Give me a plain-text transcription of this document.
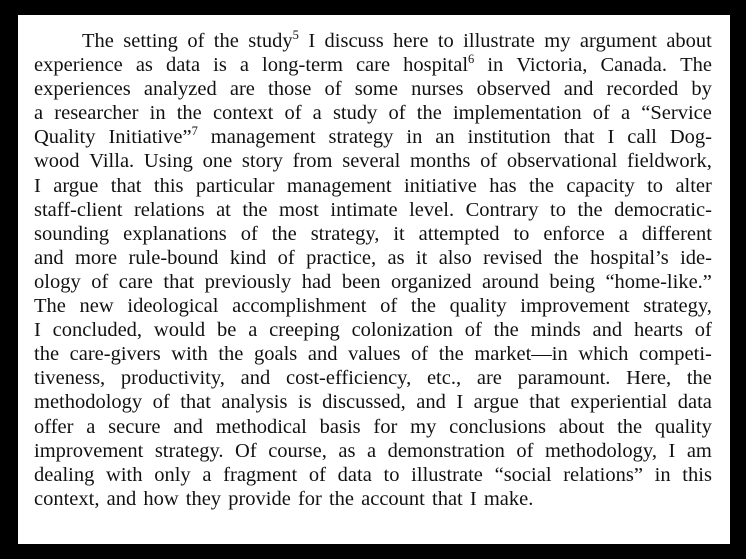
The setting of the study$^5$ I discuss here to illustrate my argument about
experience as data is a long-term care hospital$^6$ in Victoria, Canada. The
experiences analyzed are those of some nurses observed and recorded by
a researcher in the context of a study of the implementation of a “Service
Quality Initiative”$^7$ management strategy in an institution that I call Dog-
wood Villa. Using one story from several months of observational fieldwork,
I argue that this particular management initiative has the capacity to alter
staff-client relations at the most intimate level. Contrary to the democratic-
sounding explanations of the strategy, it attempted to enforce a different
and more rule-bound kind of practice, as it also revised the hospital’s ide-
ology of care that previously had been organized around being “home-like.”
The new ideological accomplishment of the quality improvement strategy,
I concluded, would be a creeping colonization of the minds and hearts of
the care-givers with the goals and values of the market—in which competi-
tiveness, productivity, and cost-efficiency, etc., are paramount. Here, the
methodology of that analysis is discussed, and I argue that experiential data
offer a secure and methodical basis for my conclusions about the quality
improvement strategy. Of course, as a demonstration of methodology, I am
dealing with only a fragment of data to illustrate “social relations” in this
context,
and
how
they
provide
for
the
account
that
I
make.
